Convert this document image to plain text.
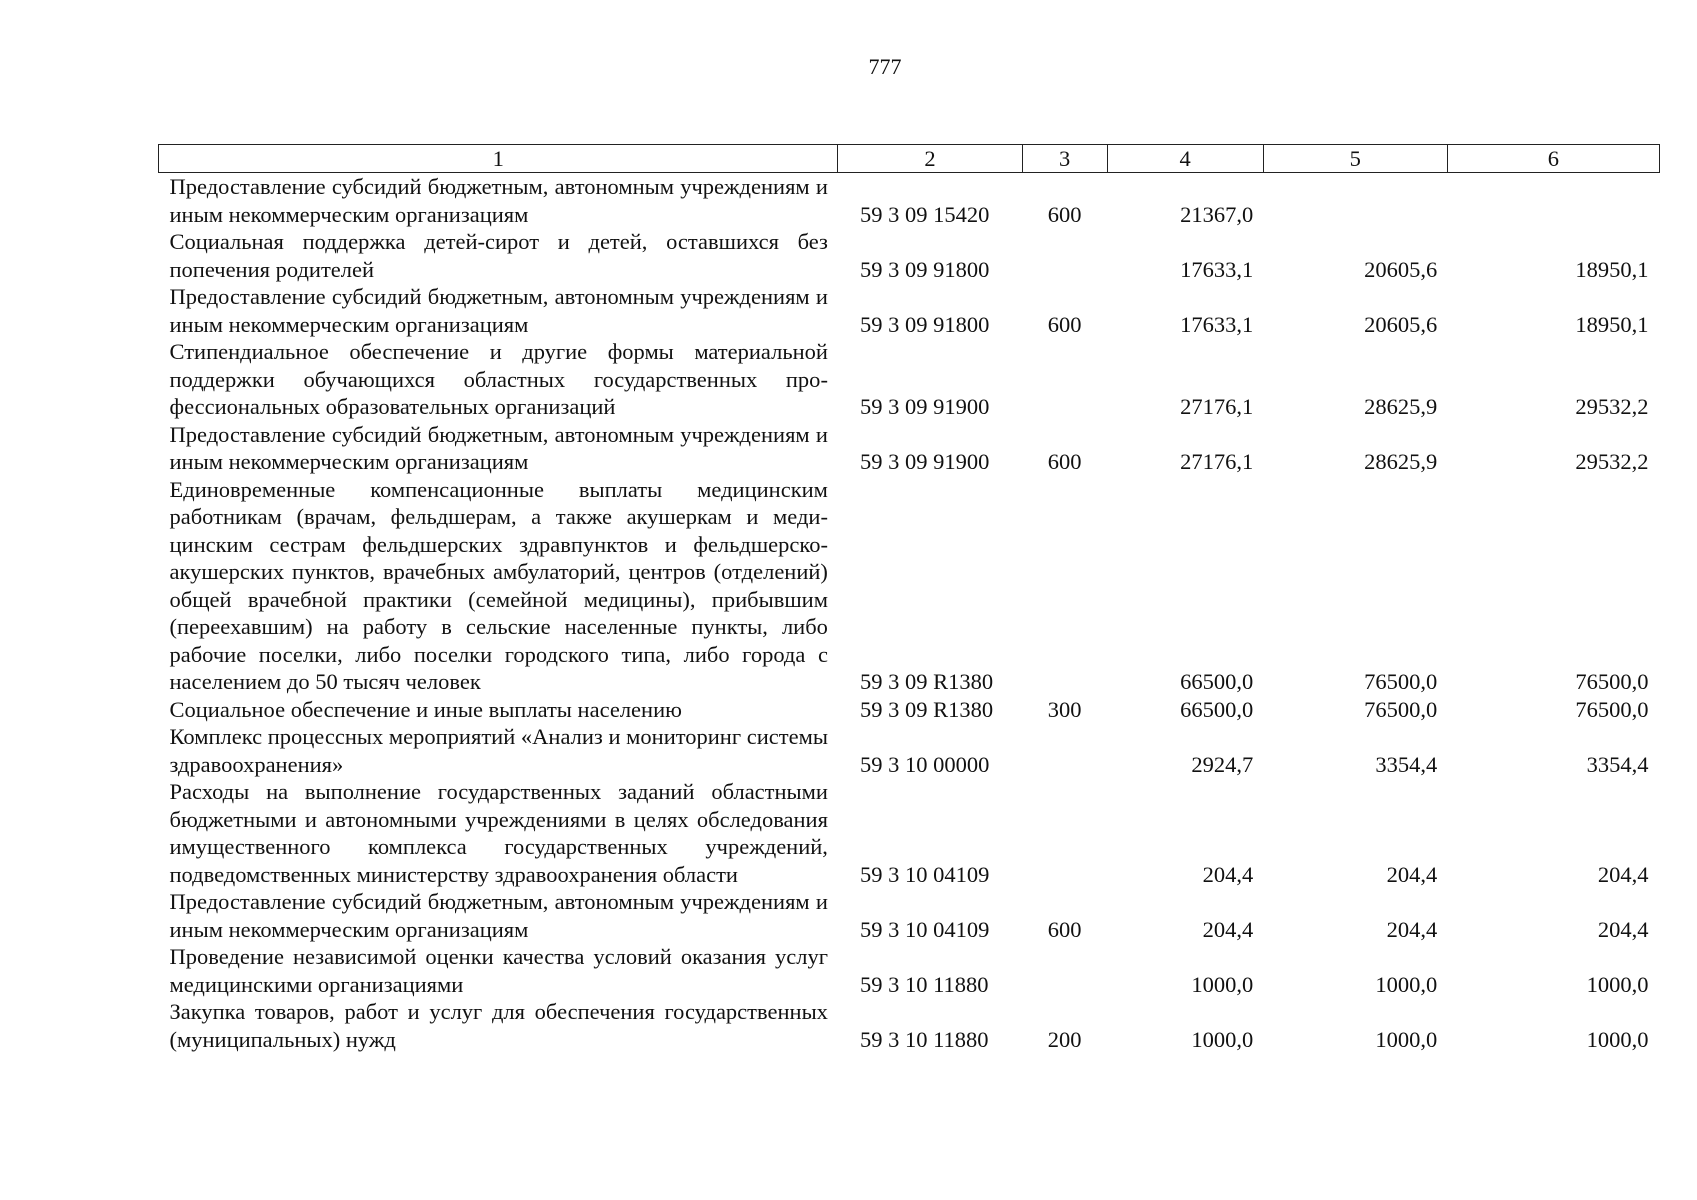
777
1	2	3	4	5	6
Предоставление субсидий бюджетным, автономным учреждениям и иным некоммерческим организациям	59 3 09 15420	600	21367,0		
Социальная поддержка детей-сирот и детей, оставшихся без попечения родителей	59 3 09 91800		17633,1	20605,6	18950,1
Предоставление субсидий бюджетным, автономным учреждениям и иным некоммерческим организациям	59 3 09 91800	600	17633,1	20605,6	18950,1
Стипендиальное обеспечение и другие формы материальной поддержки обучающихся областных государственных профессиональных образовательных организаций	59 3 09 91900		27176,1	28625,9	29532,2
Предоставление субсидий бюджетным, автономным учреждениям и иным некоммерческим организациям	59 3 09 91900	600	27176,1	28625,9	29532,2
Единовременные компенсационные выплаты медицинским работникам (врачам, фельдшерам, а также акушеркам и медицинским сестрам фельдшерских здравпунктов и фельдшерско-акушерских пунктов, врачебных амбулаторий, центров (отделений) общей врачебной практики (семейной медицины), прибывшим (переехавшим) на работу в сельские населенные пункты, либо рабочие поселки, либо поселки городского типа, либо города с населением до 50 тысяч человек	59 3 09 R1380		66500,0	76500,0	76500,0
Социальное обеспечение и иные выплаты населению	59 3 09 R1380	300	66500,0	76500,0	76500,0
Комплекс процессных мероприятий «Анализ и мониторинг системы здравоохранения»	59 3 10 00000		2924,7	3354,4	3354,4
Расходы на выполнение государственных заданий областными бюджетными и автономными учреждениями в целях обследования имущественного комплекса государственных учреждений, подведомственных министерству здравоохранения области	59 3 10 04109		204,4	204,4	204,4
Предоставление субсидий бюджетным, автономным учреждениям и иным некоммерческим организациям	59 3 10 04109	600	204,4	204,4	204,4
Проведение независимой оценки качества условий оказания услуг медицинскими организациями	59 3 10 11880		1000,0	1000,0	1000,0
Закупка товаров, работ и услуг для обеспечения государственных (муниципальных) нужд	59 3 10 11880	200	1000,0	1000,0	1000,0
